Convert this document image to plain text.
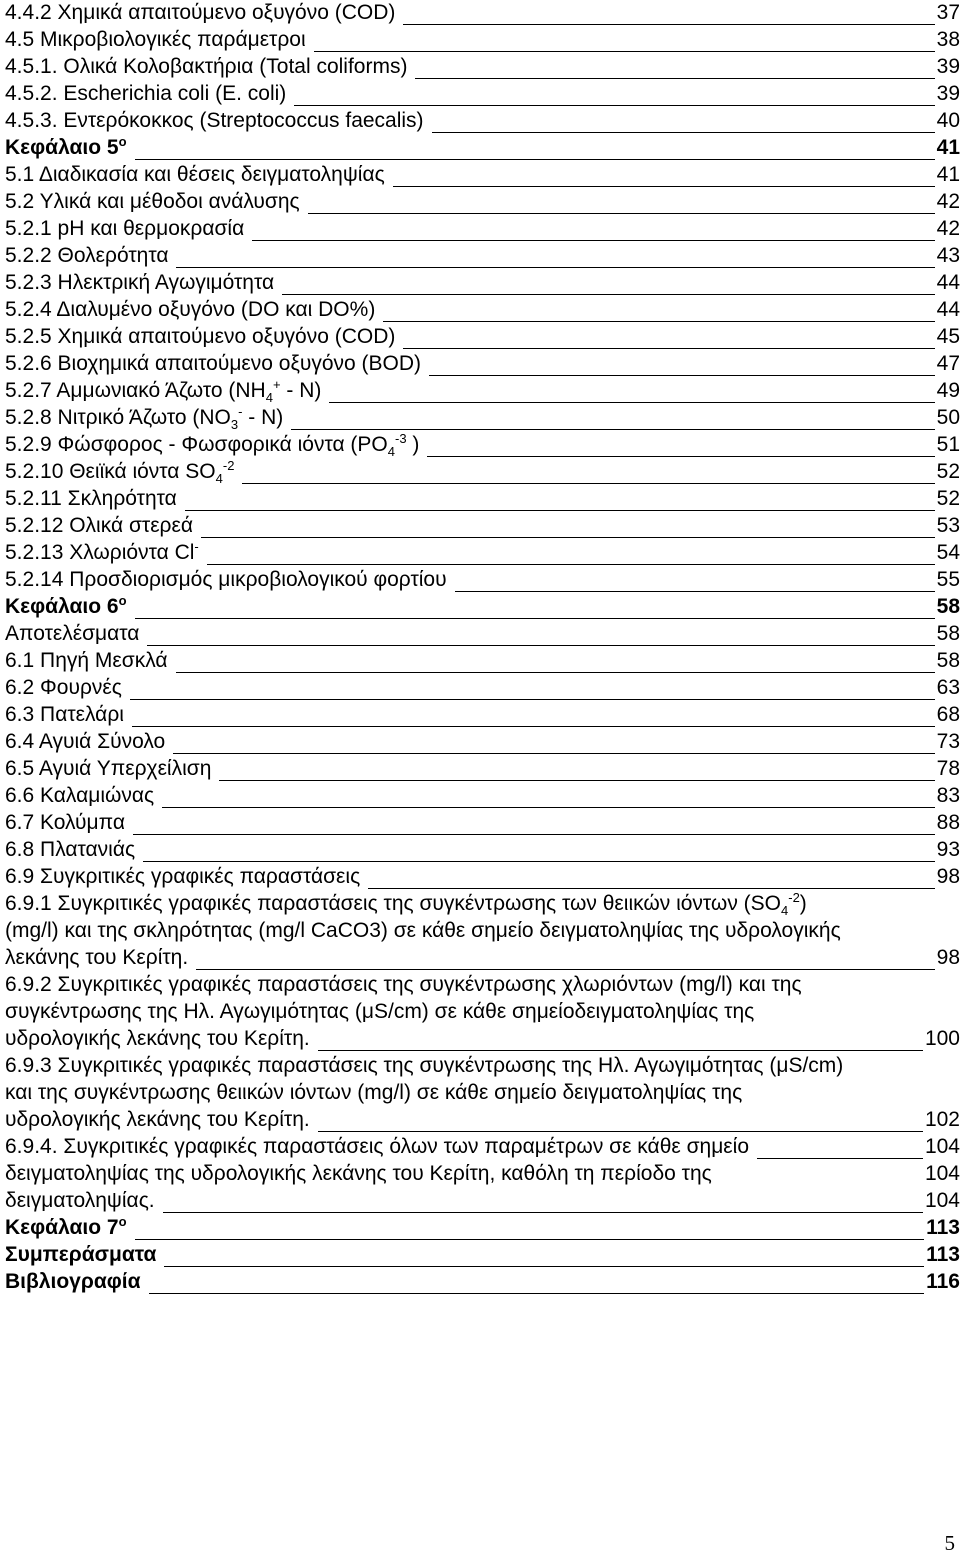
4.4.2 Χημικά απαιτούμενο οξυγόνο (COD)	37
4.5 Μικροβιολογικές παράμετροι	38
4.5.1. Ολικά Κολοβακτήρια (Total coliforms)	39
4.5.2. Escherichia coli (E. coli)	39
4.5.3. Εντερόκοκκος (Streptococcus faecalis)	40
Κεφάλαιο $5^o$	41
5.1 Διαδικασία και θέσεις δειγματοληψίας	41
5.2 Υλικά και μέθοδοι ανάλυσης	42
5.2.1 pH και θερμοκρασία	42
5.2.2 Θολερότητα	43
5.2.3 Ηλεκτρική Αγωγιμότητα	44
5.2.4 Διαλυμένο οξυγόνο (DO και DO%)	44
5.2.5 Χημικά απαιτούμενο οξυγόνο (COD)	45
5.2.6 Βιοχημικά απαιτούμενο οξυγόνο (BOD)	47
5.2.7 Αμμωνιακό Άζωτο $(NH_4^+ - N)$	49
5.2.8 Νιτρικό Άζωτο $(NO_3^- - N)$	50
5.2.9 Φώσφορος - Φωσφορικά ιόντα ($PO_4^{-3}$ )	51
5.2.10 Θειϊκά ιόντα $SO_4^{-2}$	52
5.2.11 Σκληρότητα	52
5.2.12 Ολικά στερεά	53
5.2.13 Χλωριόντα Cl-	54
5.2.14 Προσδιορισμός μικροβιολογικού φορτίου	55
Κεφάλαιο $6^o$	58
Αποτελέσματα	58
6.1 Πηγή Μεσκλά	58
6.2 Φουρνές	63
6.3 Πατελάρι	68
6.4 Αγυιά Σύνολο	73
6.5 Αγυιά Υπερχείλιση	78
6.6 Καλαμιώνας	83
6.7 Κολύμπα	88
6.8 Πλατανιάς	93
6.9 Συγκριτικές γραφικές παραστάσεις	98
6.9.1 Συγκριτικές γραφικές παραστάσεις της συγκέντρωσης των θειικών ιόντων $(SO_4^{-2})$
(mg/l) και της σκληρότητας (mg/l CaCO3) σε κάθε σημείο δειγματοληψίας της υδρολογικής
λεκάνης του Κερίτη.	98
6.9.2 Συγκριτικές γραφικές παραστάσεις της συγκέντρωσης χλωριόντων (mg/l) και της
συγκέντρωσης της Ηλ. Αγωγιμότητας (μS/cm) σε κάθε σημείοδειγματοληψίας της
υδρολογικής λεκάνης του Κερίτη.	100
6.9.3 Συγκριτικές γραφικές παραστάσεις της συγκέντρωσης της Ηλ. Αγωγιμότητας (μS/cm)
και της συγκέντρωσης θειικών ιόντων (mg/l) σε κάθε σημείο δειγματοληψίας της
υδρολογικής λεκάνης του Κερίτη.	102
6.9.4. Συγκριτικές γραφικές παραστάσεις όλων των παραμέτρων σε κάθε σημείο	104
δειγματοληψίας της υδρολογικής λεκάνης του Κερίτη, καθόλη τη περίοδο της	104
δειγματοληψίας.	104
Κεφάλαιο $7^o$	113
Συμπεράσματα	113
Βιβλιογραφία	116
5
